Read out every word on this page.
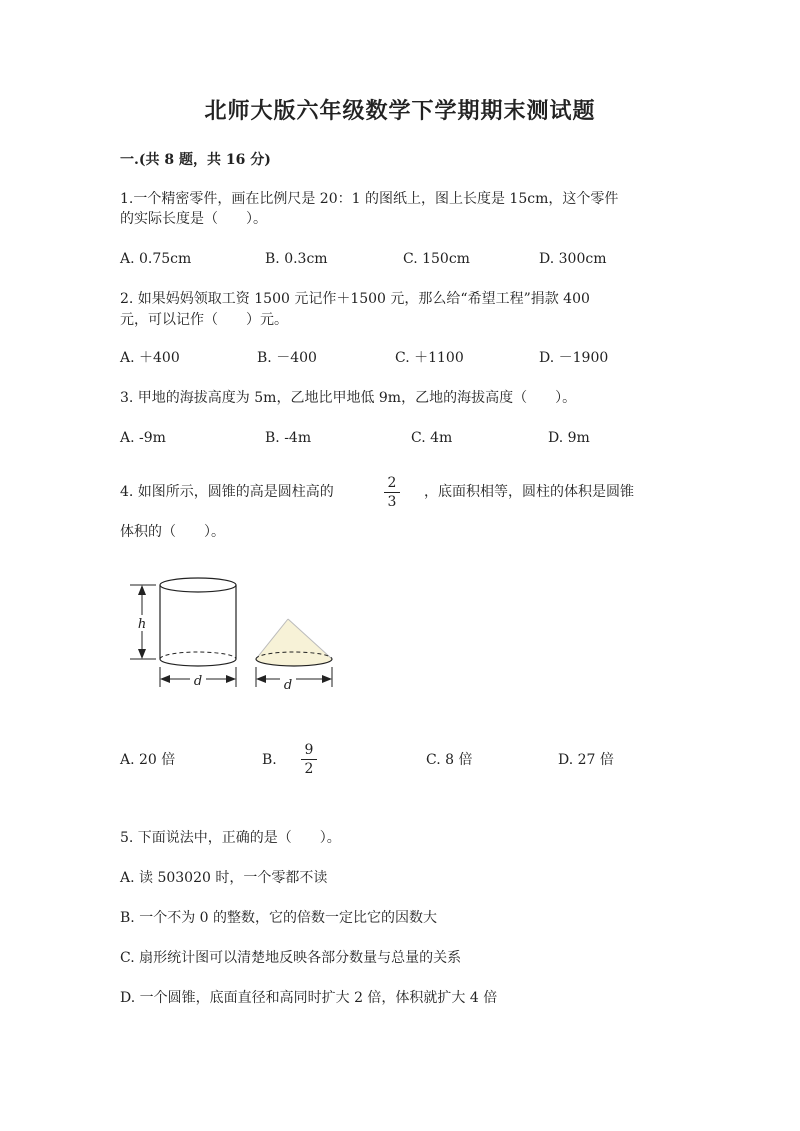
北师大版六年级数学下学期期末测试题
一.(共 8 题，共 16 分)
1.一个精密零件，画在比例尺是 20：1 的图纸上，图上长度是 15cm，这个零件
的实际长度是（　　）。
A. 0.75cm	B. 0.3cm	C. 150cm	D. 300cm
2. 如果妈妈领取工资 1500 元记作＋1500 元，那么给“希望工程”捐款 400
元，可以记作（　　）元。
A. ＋400	B. －400	C. ＋1100	D. －1900
3. 甲地的海拔高度为 5m，乙地比甲地低 9m，乙地的海拔高度（　　）。
A. -9m	B. -4m	C. 4m	D. 9m
4. 如图所示，圆锥的高是圆柱高的
2
3
，底面积相等，圆柱的体积是圆锥
体积的（　　）。
h
d	d
A. 20 倍	B.
9
2
C. 8 倍	D. 27 倍
5. 下面说法中，正确的是（　　）。
A. 读 503020 时，一个零都不读
B. 一个不为 0 的整数，它的倍数一定比它的因数大
C. 扇形统计图可以清楚地反映各部分数量与总量的关系
D. 一个圆锥，底面直径和高同时扩大 2 倍，体积就扩大 4 倍
